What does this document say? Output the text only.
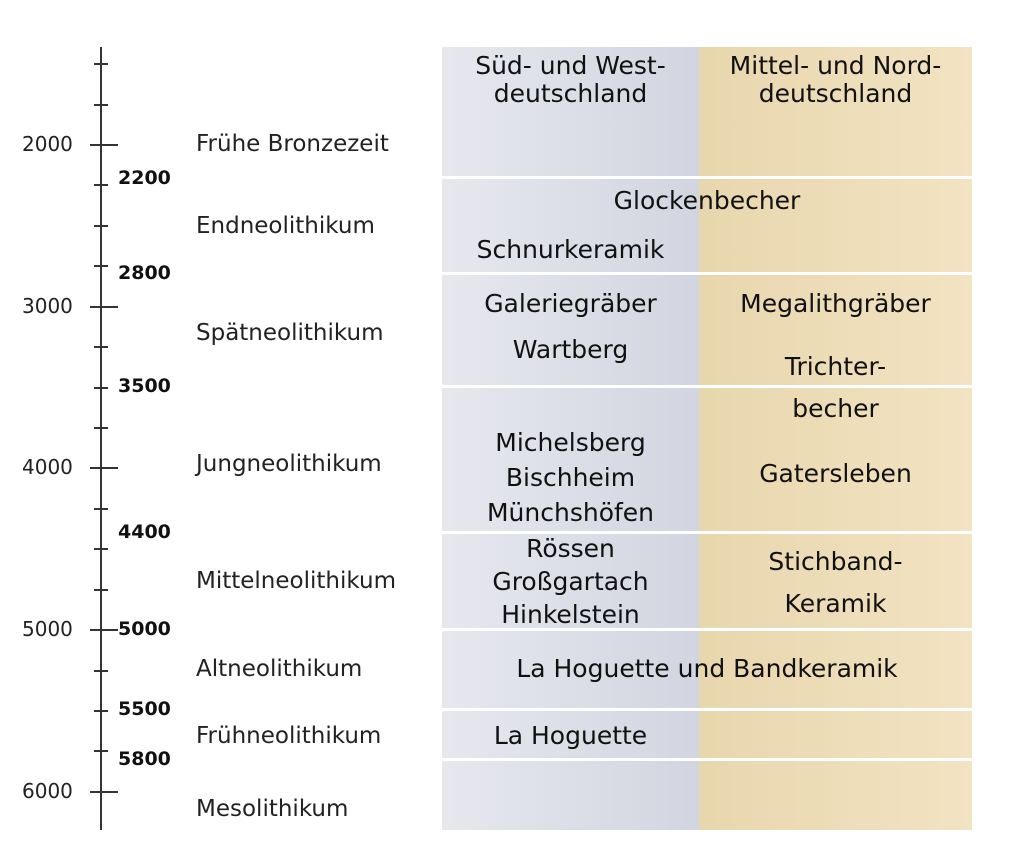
2000
3000
4000
5000
6000
2200
2800
3500
4400
5000
5500
5800
Frühe Bronzezeit
Endneolithikum
Spätneolithikum
Jungneolithikum
Mittelneolithikum
Altneolithikum
Frühneolithikum
Mesolithikum
Süd- und West-
deutschland
Mittel- und Nord-
deutschland
Glockenbecher
Schnurkeramik
Galeriegräber
Wartberg
Megalithgräber
Trichter-
becher
Michelsberg
Bischheim
Münchshöfen
Gatersleben
Rössen
Großgartach
Hinkelstein
Stichband-
Keramik
La Hoguette und Bandkeramik
La Hoguette
